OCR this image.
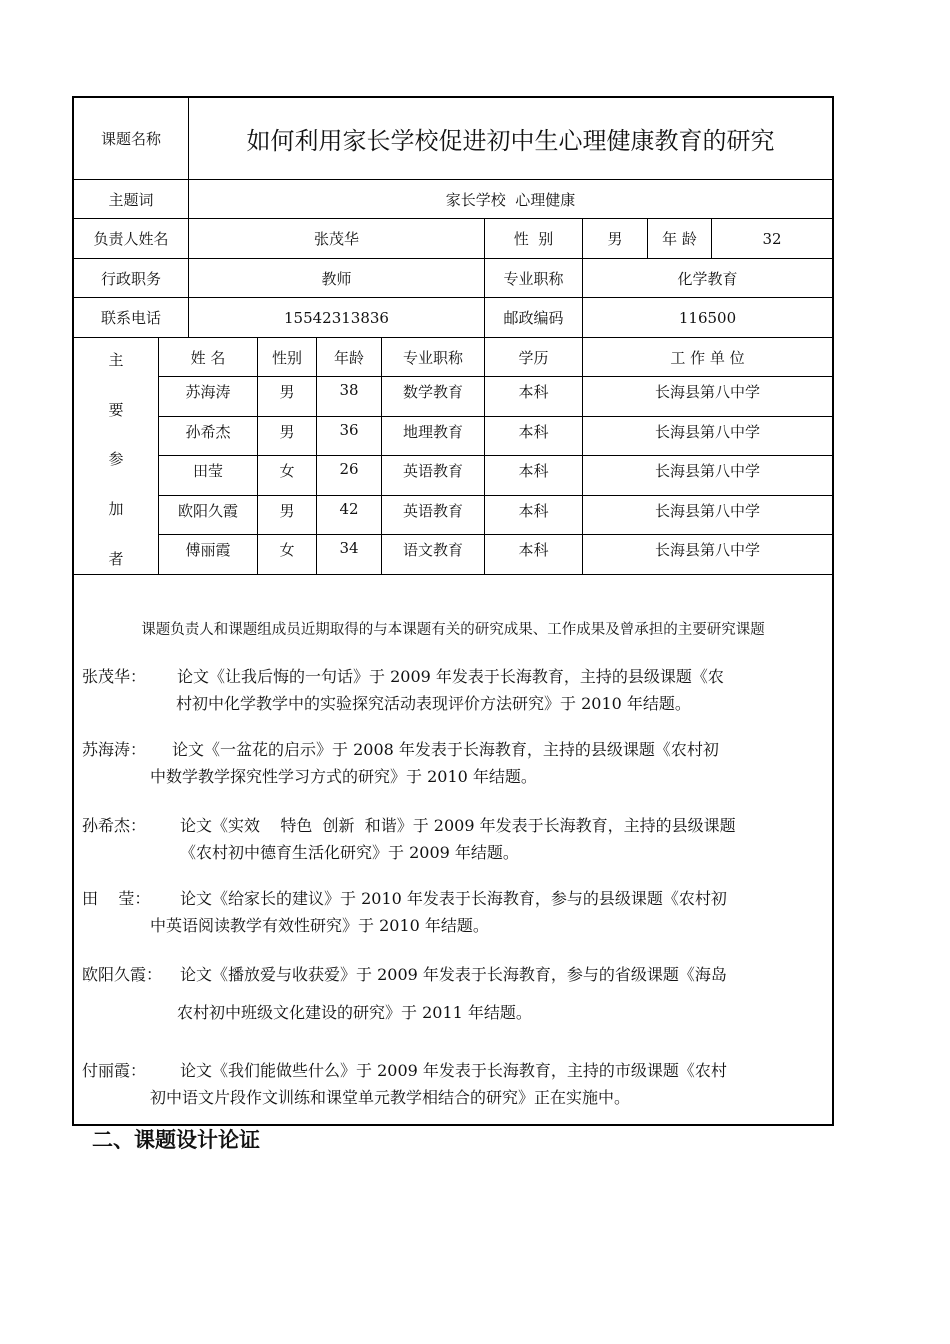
课题名称	如何利用家长学校促进初中生心理健康教育的研究
主题词	家长学校  心理健康
负责人姓名	张茂华	性  别	男	年 龄	32
行政职务	教师	专业职称	化学教育
联系电话	15542313836	邮政编码	116500
主
要
参
加
者
姓 名	性别	年龄	专业职称	学历	工 作 单 位
苏海涛	男	38	数学教育	本科	长海县第八中学
孙希杰	男	36	地理教育	本科	长海县第八中学
田莹	女	26	英语教育	本科	长海县第八中学
欧阳久霞	男	42	英语教育	本科	长海县第八中学
傅丽霞	女	34	语文教育	本科	长海县第八中学
课题负责人和课题组成员近期取得的与本课题有关的研究成果、工作成果及曾承担的主要研究课题
张茂华： 论文《让我后悔的一句话》于 2009 年发表于长海教育，主持的县级课题《农
村初中化学教学中的实验探究活动表现评价方法研究》于 2010 年结题。
苏海涛： 论文《一盆花的启示》于 2008 年发表于长海教育，主持的县级课题《农村初
中数学教学探究性学习方式的研究》于 2010 年结题。
孙希杰： 论文《实效    特色  创新  和谐》于 2009 年发表于长海教育，主持的县级课题
《农村初中德育生活化研究》于 2009 年结题。
田    莹： 论文《给家长的建议》于 2010 年发表于长海教育，参与的县级课题《农村初
中英语阅读教学有效性研究》于 2010 年结题。
欧阳久霞： 论文《播放爱与收获爱》于 2009 年发表于长海教育，参与的省级课题《海岛
农村初中班级文化建设的研究》于 2011 年结题。
付丽霞： 论文《我们能做些什么》于 2009 年发表于长海教育，主持的市级课题《农村
初中语文片段作文训练和课堂单元教学相结合的研究》正在实施中。
二、课题设计论证
